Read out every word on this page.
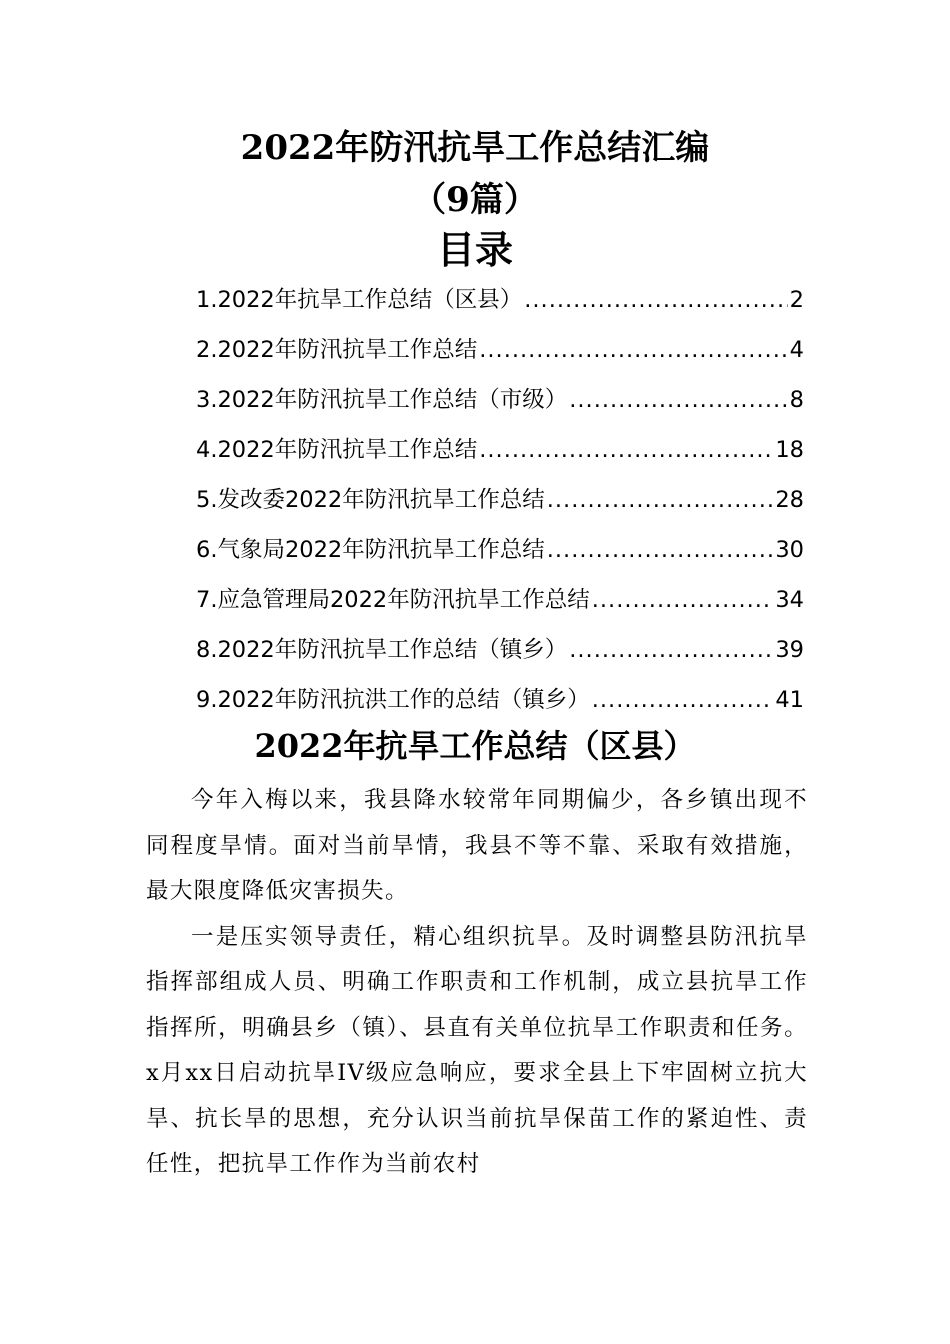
2022年防汛抗旱工作总结汇编
（9篇）
目录
1.2022年抗旱工作总结（区县） .....	2
2.2022年防汛抗旱工作总结 .....	4
3.2022年防汛抗旱工作总结（市级） .....	8
4.2022年防汛抗旱工作总结 .....	18
5.发改委2022年防汛抗旱工作总结 .....	28
6.气象局2022年防汛抗旱工作总结 .....	30
7.应急管理局2022年防汛抗旱工作总结 .....	34
8.2022年防汛抗旱工作总结（镇乡） .....	39
9.2022年防汛抗洪工作的总结（镇乡） .....	41
2022年抗旱工作总结（区县）

今年入梅以来，我县降水较常年同期偏少，各乡镇出现不同程度旱情。面对当前旱情，我县不等不靠、采取有效措施，最大限度降低灾害损失。

一是压实领导责任，精心组织抗旱。及时调整县防汛抗旱指挥部组成人员、明确工作职责和工作机制，成立县抗旱工作指挥所，明确县乡（镇）、县直有关单位抗旱工作职责和任务。x月xx日启动抗旱IV级应急响应，要求全县上下牢固树立抗大旱、抗长旱的思想，充分认识当前抗旱保苗工作的紧迫性、责任性，把抗旱工作作为当前农村
